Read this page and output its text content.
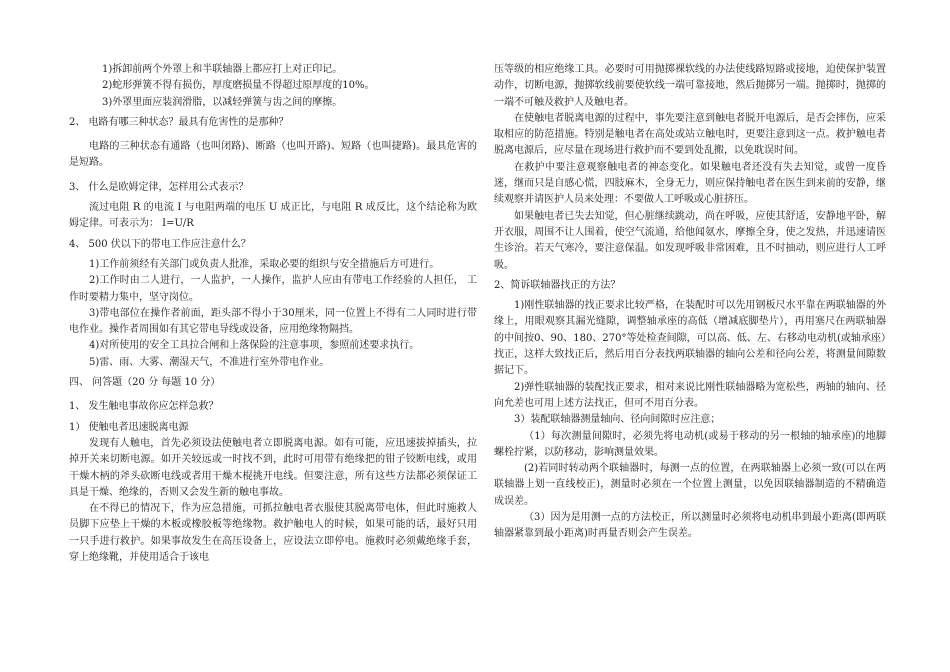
1)拆卸前两个外罩上和半联轴器上都应打上对正印记。

2)蛇形弹簧不得有损伤，厚度磨损量不得超过原厚度的10%。

3)外罩里面应装润滑脂，以减轻弹簧与齿之间的摩擦。

2、 电路有哪三种状态？最具有危害性的是那种？

电路的三种状态有通路（也叫闭路)、断路（也叫开路)、短路（也叫捷路)。最具危害的是短路。

3、 什么是欧姆定律，怎样用公式表示？

流过电阻 R 的电流 I 与电阻两端的电压 U 成正比，与电阻 R 成反比，这个结论称为欧姆定律。可表示为： I=U/R

4、 500 伏以下的带电工作应注意什么？

1)工作前须经有关部门或负责人批准，采取必要的组织与安全措施后方可进行。

2)工作时由二人进行，一人监护，一人操作，监护人应由有带电工作经验的人担任， 工作时要精力集中，坚守岗位。

3)带电部位在操作者前面，距头部不得小于30厘米，同一位置上不得有二人同时进行带电作业。操作者周围如有其它带电导线或设备，应用绝缘物隔挡。

4)对所使用的安全工具拉合闸和上落保险的注意事项，参照前述要求执行。

5)雷、雨、大雾、潮湿天气，不准进行室外带电作业。

四、 问答题（20 分 每题 10 分）

1、 发生触电事故你应怎样急救？

1） 使触电者迅速脱离电源

发现有人触电，首先必须设法使触电者立即脱离电源。如有可能，应迅速拔掉插头，拉掉开关来切断电源。如开关较远或一时找不到，此时可用带有绝缘把的钳子铰断电线，或用干燥木柄的斧头砍断电线或者用干燥木棍挑开电线。但要注意，所有这些方法都必须保证工具是干燥、绝缘的，否则又会发生新的触电事故。

在不得已的情况下，作为应急措施，可抓拉触电者衣服使其脱离带电体，但此时施救人员脚下应垫上干燥的木板或橡胶板等绝缘物。救护触电人的时候，如果可能的话，最好只用一只手进行救护。如果事故发生在高压设备上，应设法立即停电。施救时必须戴绝缘手套，穿上绝缘靴，并使用适合于该电

压等级的相应绝缘工具。必要时可用抛掷裸软线的办法使线路短路或接地，迫使保护装置动作，切断电源，抛掷软线前要使软线一端可靠接地，然后抛掷另一端。抛掷时，抛掷的一端不可触及救护人及触电者。

在使触电者脱离电源的过程中，事先要注意到触电者脱开电源后，是否会摔伤，应采取相应的防范措施。特别是触电者在高处或站立触电时，更要注意到这一点。救护触电者脱离电源后，应尽量在现场进行救护而不要到处乱搬，以免耽误时间。

在救护中要注意观察触电者的神态变化。如果触电者还没有失去知觉，或曾一度昏迷，继而只是自感心慌，四肢麻木，全身无力，则应保持触电者在医生到来前的安静，继续观察并请医护人员来处理：不要做人工呼吸或心脏挤压。

如果触电者已失去知觉，但心脏继续跳动，尚在呼吸，应使其舒适，安静地平卧，解开衣服，周围不让人围着，使空气流通，给他闻氨水，摩擦全身，使之发热，并迅速请医生诊治。若天气寒冷，要注意保温。如发现呼吸非常困难，且不时抽动，则应进行人工呼吸。

2、简诉联轴器找正的方法？

1)刚性联轴器的找正要求比较严格，在装配时可以先用钢板尺水平靠在两联轴器的外缘上，用眼观察其漏光缝隙，调整轴承座的高低（增减底脚垫片），再用塞尺在两联轴器的中间按0、90、180、270°等处检查间隙，可以高、低、左、右移动电动机(或轴承座）找正，这样大致找正后，然后用百分表找两联轴器的轴向公差和径向公差，将测量间隙数据记下。

2)弹性联轴器的装配找正要求，相对来说比刚性联轴器略为宽松些，两轴的轴向、径向允差也可用上述方法找正，但可不用百分表。

3）装配联轴器测量轴向、径向间隙时应注意；

（1）每次测量间隙时，必须先将电动机(或易于移动的另一根轴的轴承座)的地脚螺栓拧紧，以防移动，影响测量效果。

(2)若同时转动两个联轴器时，每测一点的位置，在两联轴器上必须一致(可以在两联轴器上划一直线校正)，测量时必须在一个位置上测量，以免因联轴器制造的不精确造成误差。

（3）因为是用测一点的方法校正，所以测量时必须将电动机串到最小距离(即两联轴器紧靠到最小距离)时再量否则会产生误差。
